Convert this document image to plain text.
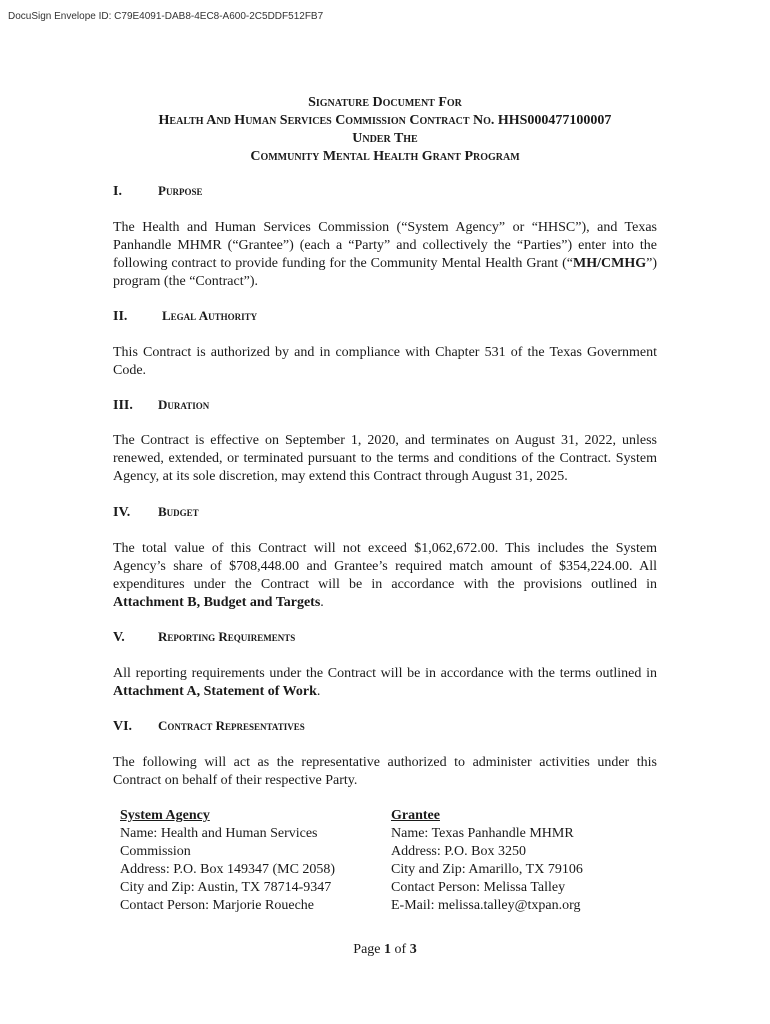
DocuSign Envelope ID: C79E4091-DAB8-4EC8-A600-2C5DDF512FB7
Signature Document For
Health And Human Services Commission Contract No. HHS000477100007
Under The
Community Mental Health Grant Program
I.	Purpose
The Health and Human Services Commission (“System Agency” or “HHSC”), and Texas Panhandle MHMR (“Grantee”) (each a “Party” and collectively the “Parties”) enter into the following contract to provide funding for the Community Mental Health Grant (“MH/CMHG”) program (the “Contract”).
II.	Legal Authority
This Contract is authorized by and in compliance with Chapter 531 of the Texas Government Code.
III. Duration
The Contract is effective on September 1, 2020, and terminates on August 31, 2022, unless renewed, extended, or terminated pursuant to the terms and conditions of the Contract. System Agency, at its sole discretion, may extend this Contract through August 31, 2025.
IV. Budget
The total value of this Contract will not exceed $1,062,672.00. This includes the System Agency’s share of $708,448.00 and Grantee’s required match amount of $354,224.00. All expenditures under the Contract will be in accordance with the provisions outlined in Attachment B, Budget and Targets.
V.	Reporting Requirements
All reporting requirements under the Contract will be in accordance with the terms outlined in Attachment A, Statement of Work.
VI. Contract Representatives
The following will act as the representative authorized to administer activities under this Contract on behalf of their respective Party.
System Agency
Name: Health and Human Services
Commission
Address: P.O. Box 149347 (MC 2058)
City and Zip: Austin, TX 78714-9347
Contact Person: Marjorie Roueche
Grantee
Name: Texas Panhandle MHMR
Address: P.O. Box 3250
City and Zip: Amarillo, TX 79106
Contact Person: Melissa Talley
E-Mail: melissa.talley@txpan.org
Page 1 of 3
